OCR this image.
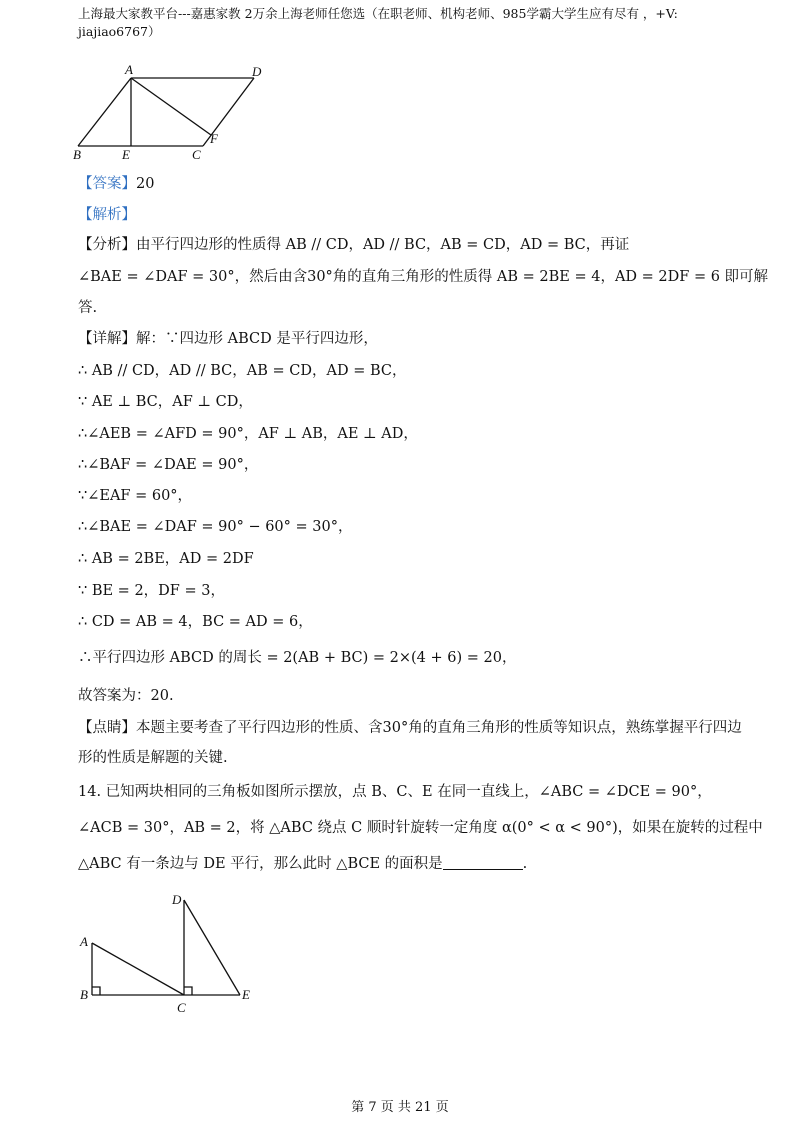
上海最大家教平台---嘉惠家教 2万余上海老师任您选（在职老师、机构老师、985学霸大学生应有尽有 ，+V:
jiajiao6767）
A	D
B	E	C
F
【答案】20
【解析】
【分析】由平行四边形的性质得 AB // CD，AD // BC，AB = CD，AD = BC，再证
∠BAE = ∠DAF = 30°，然后由含30°角的直角三角形的性质得 AB = 2BE = 4，AD = 2DF = 6 即可解
答.
【详解】解：∵四边形 ABCD 是平行四边形，
∴ AB // CD，AD // BC，AB = CD，AD = BC，
∵ AE ⊥ BC，AF ⊥ CD，
∴∠AEB = ∠AFD = 90°，AF ⊥ AB，AE ⊥ AD，
∴∠BAF = ∠DAE = 90°，
∵∠EAF = 60°，
∴∠BAE = ∠DAF = 90° − 60° = 30°，
∴ AB = 2BE，AD = 2DF
∵ BE = 2，DF = 3，
∴ CD = AB = 4，BC = AD = 6，
∴平行四边形 ABCD 的周长 = 2(AB + BC) = 2×(4 + 6) = 20，
故答案为：20.
【点睛】本题主要考查了平行四边形的性质、含30°角的直角三角形的性质等知识点，熟练掌握平行四边
形的性质是解题的关键.
14. 已知两块相同的三角板如图所示摆放，点 B、C、E 在同一直线上，∠ABC = ∠DCE = 90°，
∠ACB = 30°，AB = 2，将 △ABC 绕点 C 顺时针旋转一定角度 α(0° < α < 90°)，如果在旋转的过程中
△ABC 有一条边与 DE 平行，那么此时 △BCE 的面积是	.
D
A
B
C
E
第 7 页 共 21 页
